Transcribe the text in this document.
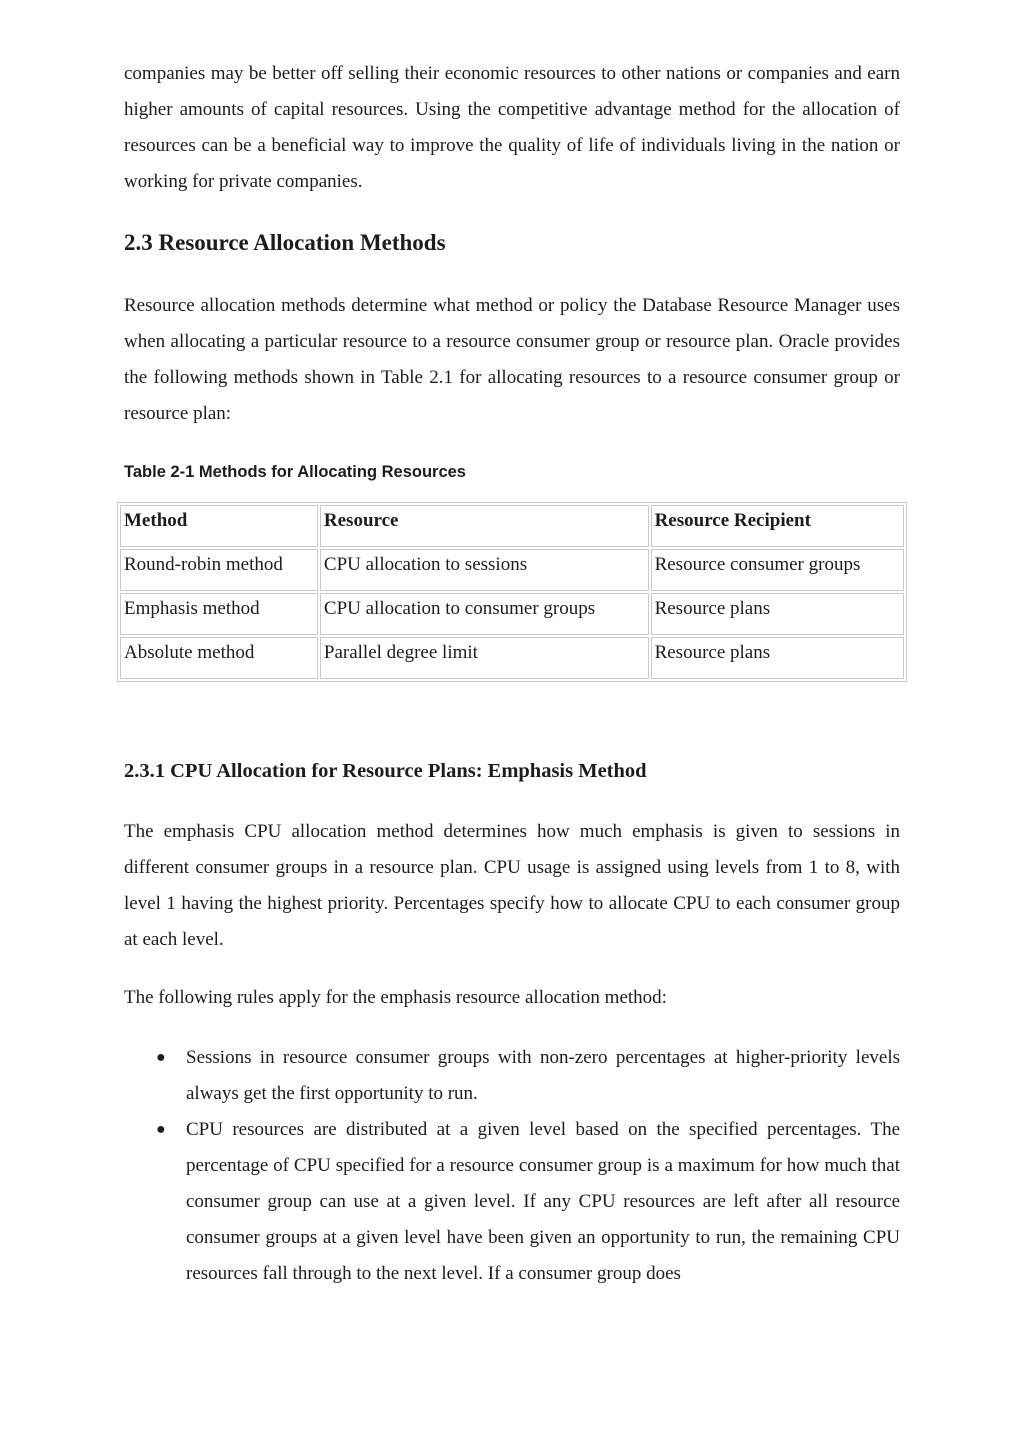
companies may be better off selling their economic resources to other nations or companies and earn higher amounts of capital resources. Using the competitive advantage method for the allocation of resources can be a beneficial way to improve the quality of life of individuals living in the nation or working for private companies.

2.3 Resource Allocation Methods

Resource allocation methods determine what method or policy the Database Resource Manager uses when allocating a particular resource to a resource consumer group or resource plan. Oracle provides the following methods shown in Table 2.1 for allocating resources to a resource consumer group or resource plan:

Table 2-1 Methods for Allocating Resources

Method	Resource	Resource Recipient
Round-robin method	CPU allocation to sessions	Resource consumer groups
Emphasis method	CPU allocation to consumer groups	Resource plans
Absolute method	Parallel degree limit	Resource plans
2.3.1 CPU Allocation for Resource Plans: Emphasis Method

The emphasis CPU allocation method determines how much emphasis is given to sessions in different consumer groups in a resource plan. CPU usage is assigned using levels from 1 to 8, with level 1 having the highest priority. Percentages specify how to allocate CPU to each consumer group at each level.

The following rules apply for the emphasis resource allocation method:

● Sessions in resource consumer groups with non-zero percentages at higher-priority levels always get the first opportunity to run.
● CPU resources are distributed at a given level based on the specified percentages. The percentage of CPU specified for a resource consumer group is a maximum for how much that consumer group can use at a given level. If any CPU resources are left after all resource consumer groups at a given level have been given an opportunity to run, the remaining CPU resources fall through to the next level. If a consumer group does
